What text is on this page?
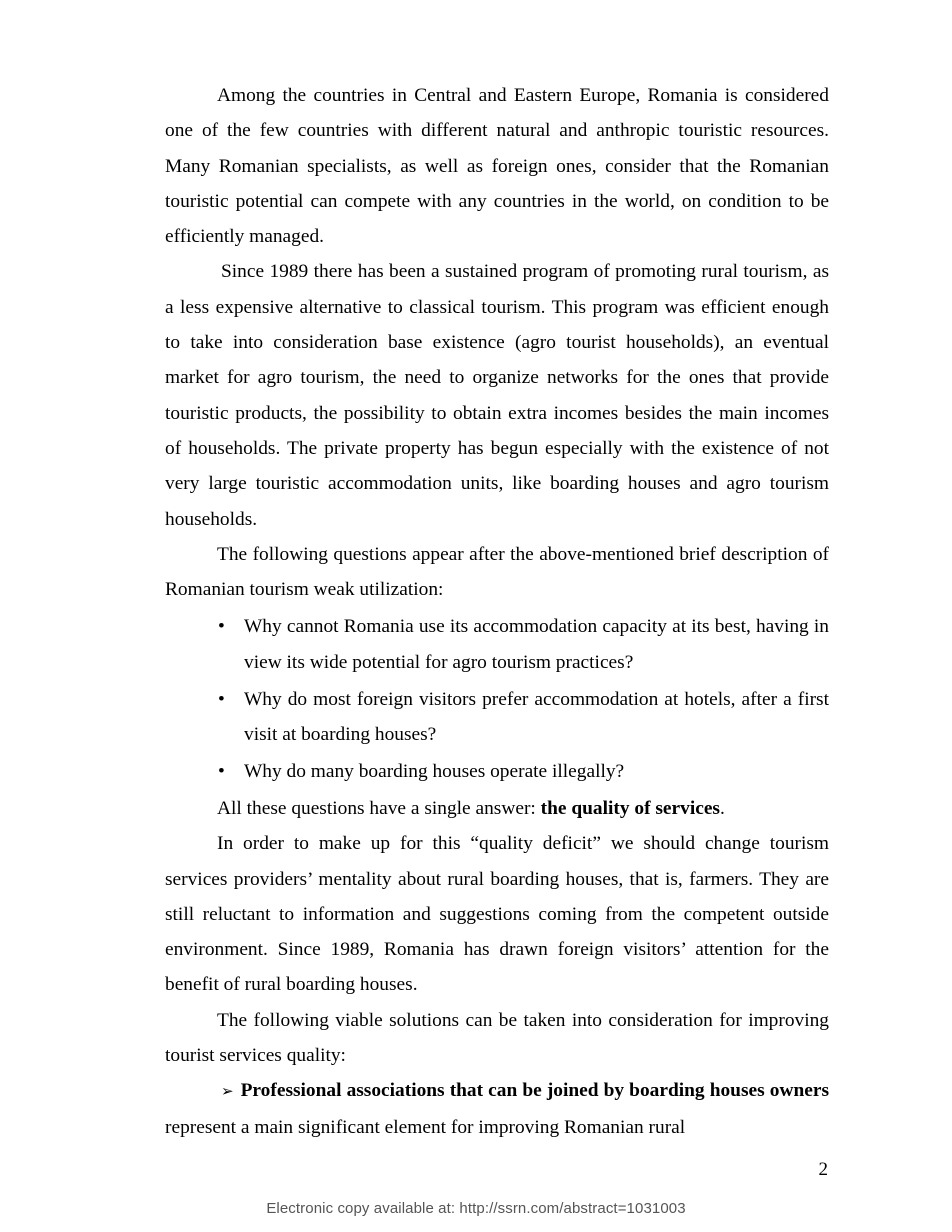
Among the countries in Central and Eastern Europe, Romania is considered one of the few countries with different natural and anthropic touristic resources. Many Romanian specialists, as well as foreign ones, consider that the Romanian touristic potential can compete with any countries in the world, on condition to be efficiently managed.

Since 1989 there has been a sustained program of promoting rural tourism, as a less expensive alternative to classical tourism. This program was efficient enough to take into consideration base existence (agro tourist households), an eventual market for agro tourism, the need to organize networks for the ones that provide touristic products, the possibility to obtain extra incomes besides the main incomes of households. The private property has begun especially with the existence of not very large touristic accommodation units, like boarding houses and agro tourism households.

The following questions appear after the above-mentioned brief description of Romanian tourism weak utilization:

• Why cannot Romania use its accommodation capacity at its best, having in view its wide potential for agro tourism practices?
• Why do most foreign visitors prefer accommodation at hotels, after a first visit at boarding houses?
• Why do many boarding houses operate illegally?

All these questions have a single answer: the quality of services.

In order to make up for this “quality deficit” we should change tourism services providers’ mentality about rural boarding houses, that is, farmers. They are still reluctant to information and suggestions coming from the competent outside environment. Since 1989, Romania has drawn foreign visitors’ attention for the benefit of rural boarding houses.

The following viable solutions can be taken into consideration for improving tourist services quality:

➢ Professional associations that can be joined by boarding houses owners represent a main significant element for improving Romanian rural

2
Electronic copy available at: http://ssrn.com/abstract=1031003
